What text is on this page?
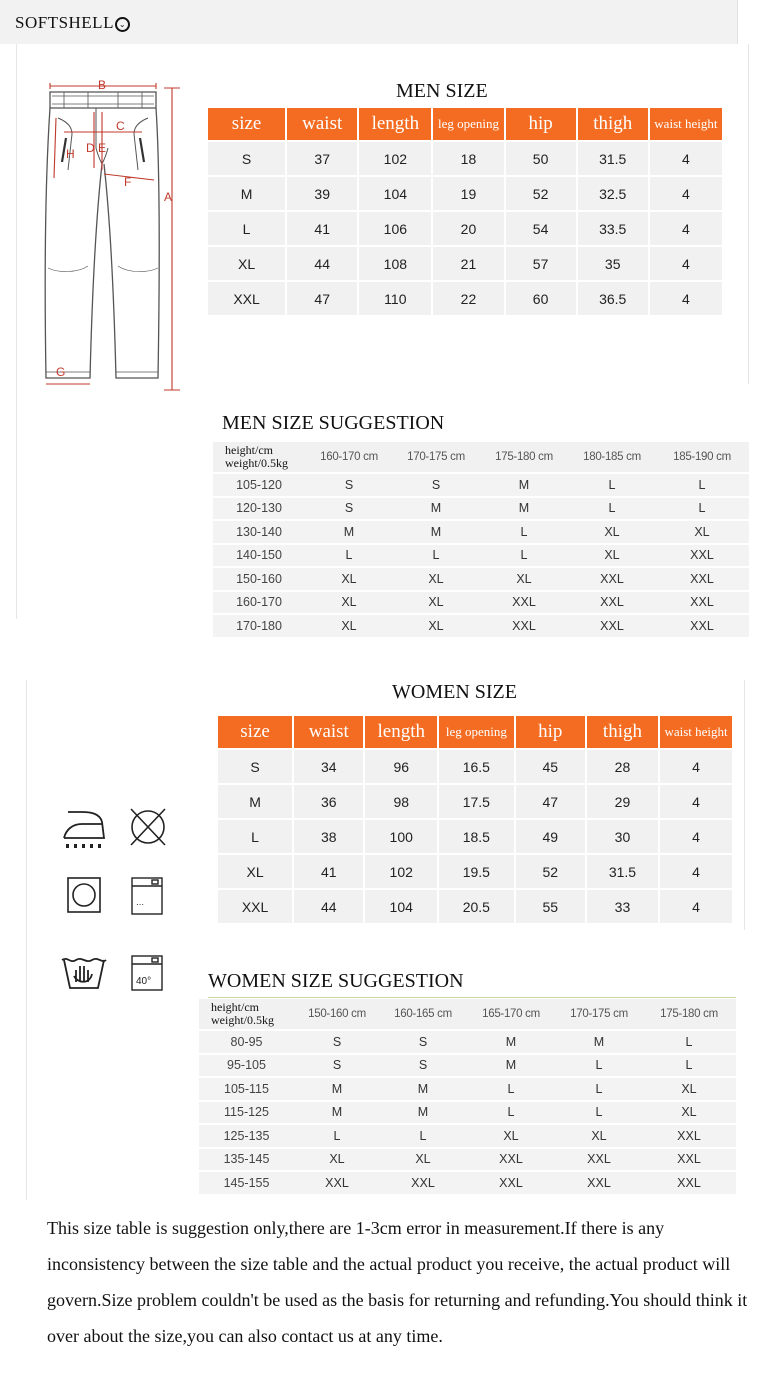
SOFTSHELL ⌄
B
C
D E
H
F
A
G
MEN SIZE
size	waist	length	leg opening	hip	thigh	waist height
S	37	102	18	50	31.5	4
M	39	104	19	52	32.5	4
L	41	106	20	54	33.5	4
XL	44	108	21	57	35	4
XXL	47	110	22	60	36.5	4
MEN SIZE SUGGESTION
height/cm
weight/0.5kg	160-170 cm	170-175 cm	175-180 cm	180-185 cm	185-190 cm
105-120	S	S	M	L	L
120-130	S	M	M	L	L
130-140	M	M	L	XL	XL
140-150	L	L	L	XL	XXL
150-160	XL	XL	XL	XXL	XXL
160-170	XL	XL	XXL	XXL	XXL
170-180	XL	XL	XXL	XXL	XXL
WOMEN SIZE
size	waist	length	leg opening	hip	thigh	waist height
S	34	96	16.5	45	28	4
M	36	98	17.5	47	29	4
L	38	100	18.5	49	30	4
XL	41	102	19.5	52	31.5	4
XXL	44	104	20.5	55	33	4
⋯
40°	WOMEN SIZE SUGGESTION
height/cm
weight/0.5kg	150-160 cm	160-165 cm	165-170 cm	170-175 cm	175-180 cm
80-95	S	S	M	M	L
95-105	S	S	M	L	L
105-115	M	M	L	L	XL
115-125	M	M	L	L	XL
125-135	L	L	XL	XL	XXL
135-145	XL	XL	XXL	XXL	XXL
145-155	XXL	XXL	XXL	XXL	XXL
This size table is suggestion only,there are 1-3cm error in measurement.If there is any inconsistency between the size table and the actual product you receive, the actual product will govern.Size problem couldn't be used as the basis for returning and refunding.You should think it over about the size,you can also contact us at any time.
